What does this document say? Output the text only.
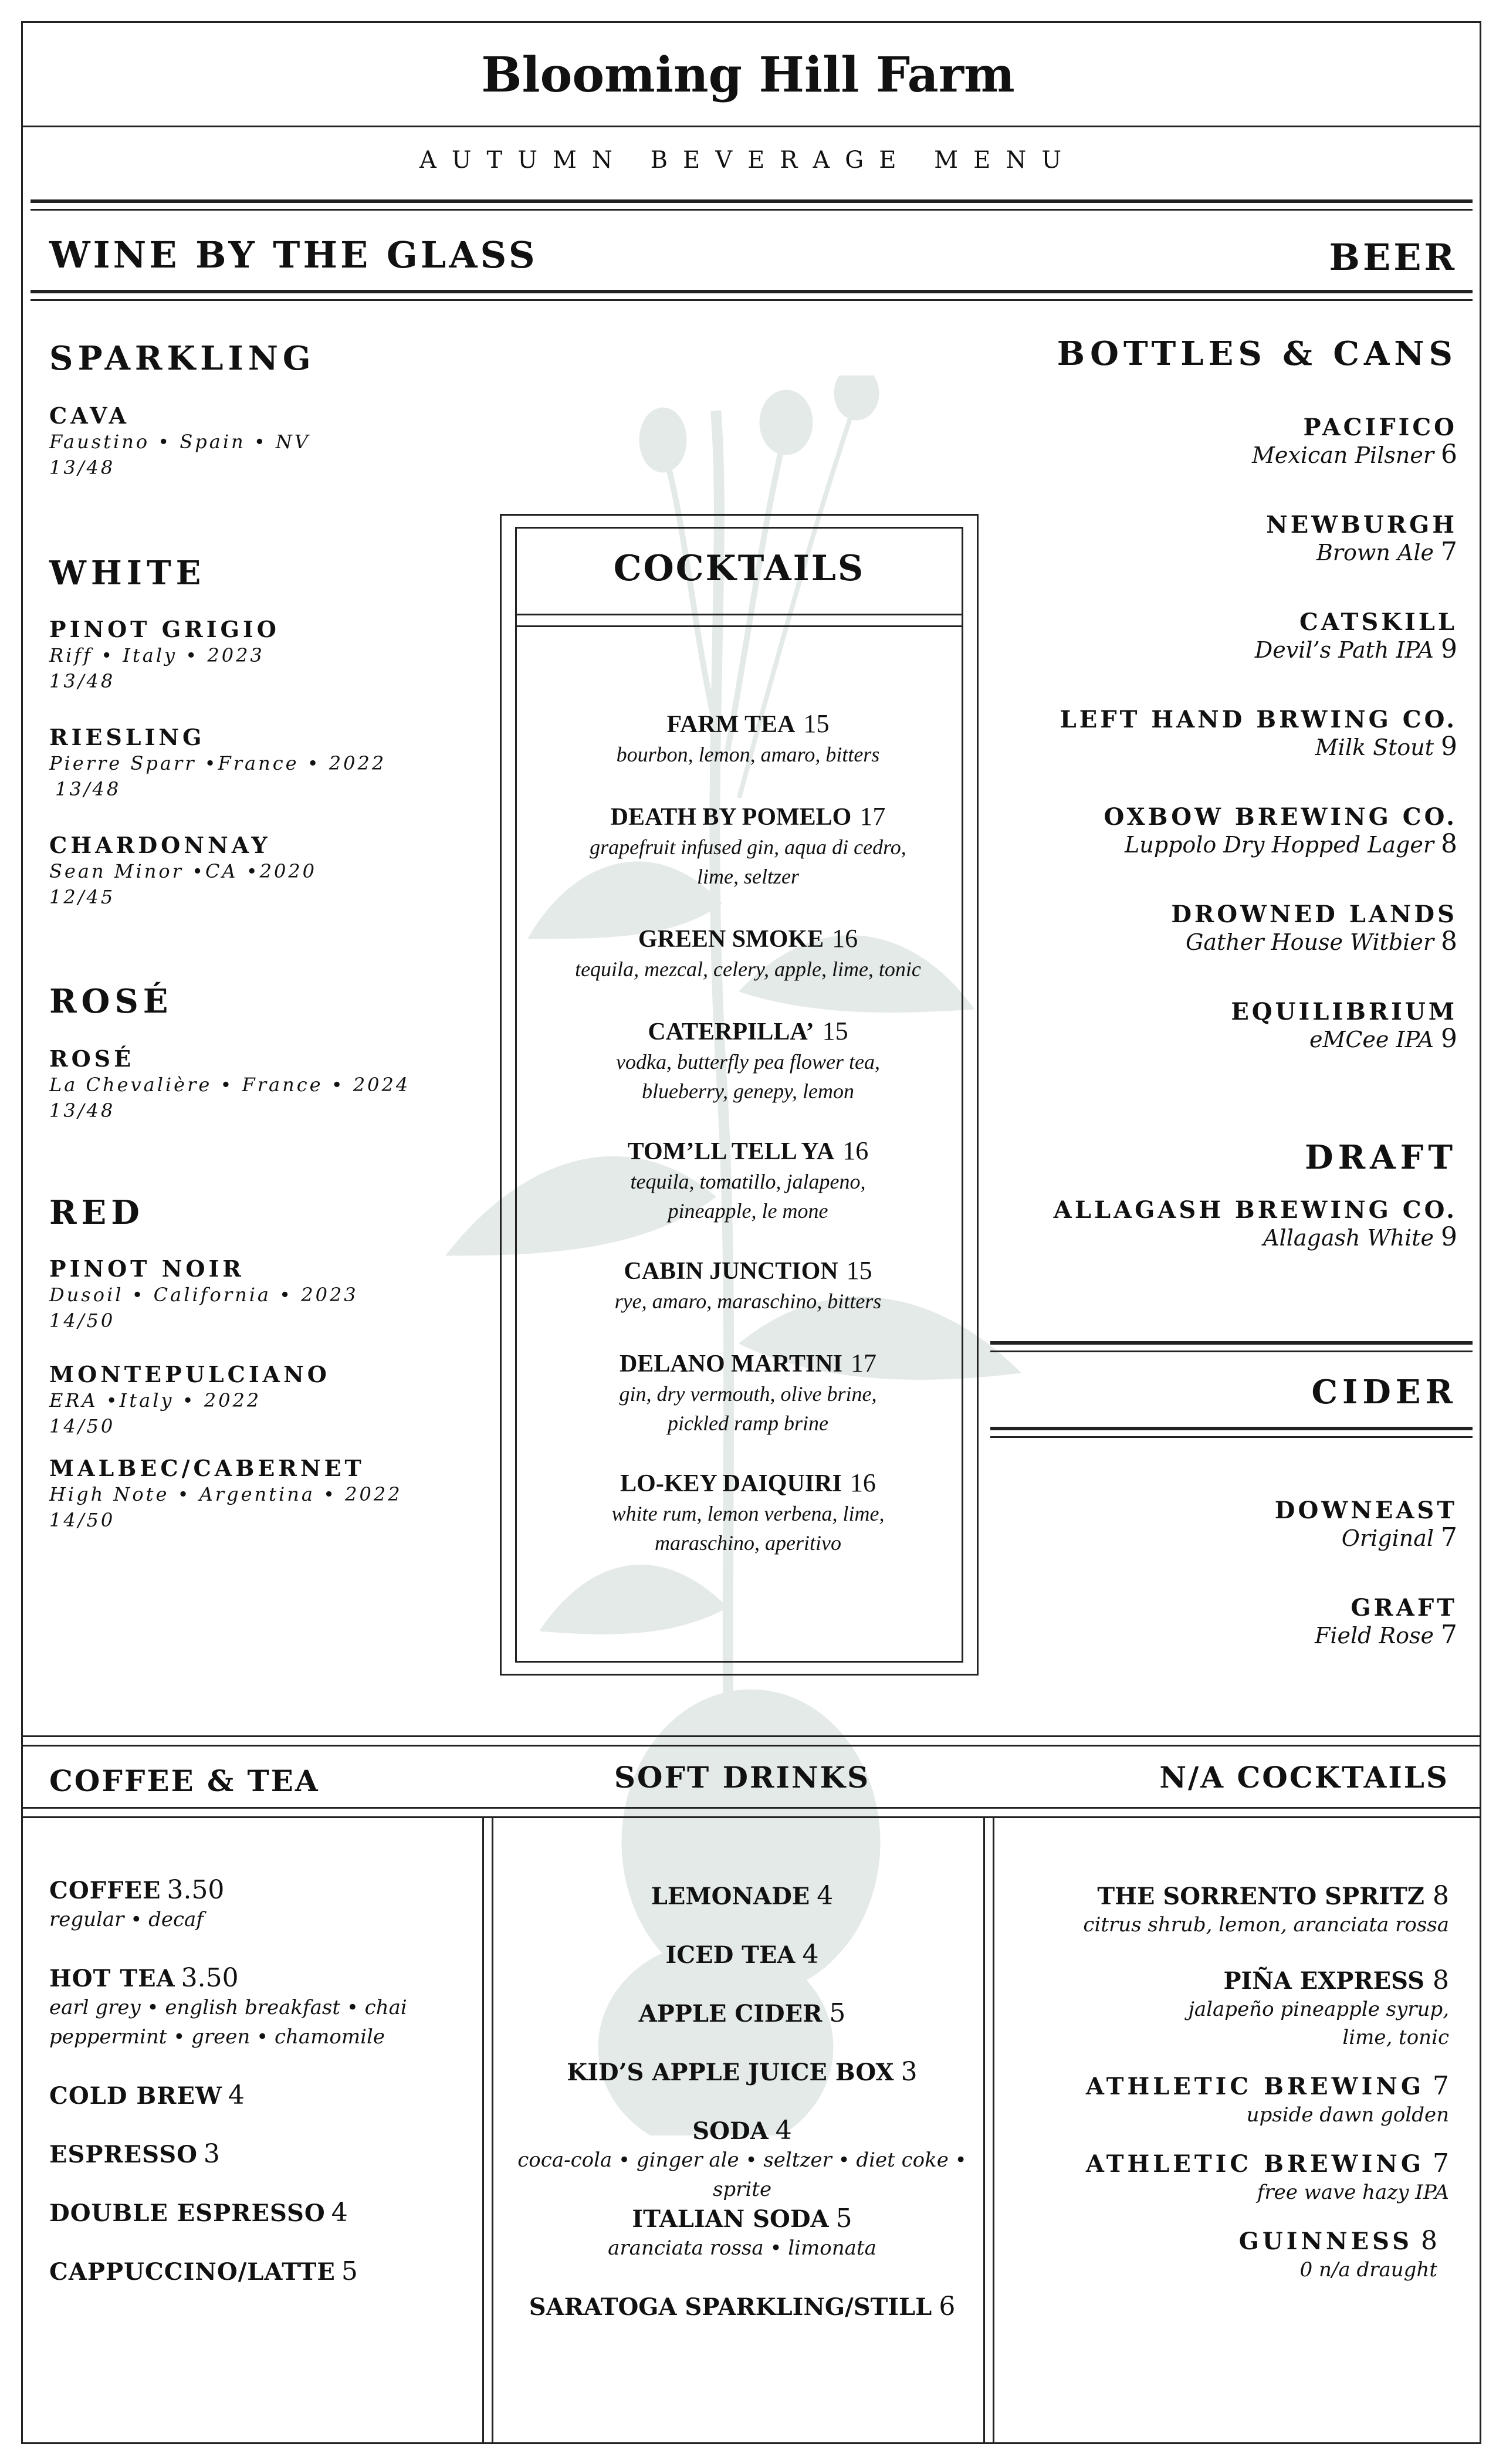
Blooming Hill Farm
AUTUMN BEVERAGE MENU
WINE BY THE GLASS	BEER
SPARKLING
CAVA
Faustino • Spain • NV
13/48
WHITE
PINOT GRIGIO
Riff • Italy • 2023
13/48
RIESLING
Pierre Sparr •France • 2022
13/48
CHARDONNAY
Sean Minor •CA •2020
12/45
ROSÉ
ROSÉ
La Chevalière • France • 2024
13/48
RED
PINOT NOIR
Dusoil • California • 2023
14/50
MONTEPULCIANO
ERA •Italy • 2022
14/50
MALBEC/CABERNET
High Note • Argentina • 2022
14/50
COCKTAILS
FARM TEA 15
bourbon, lemon, amaro, bitters
DEATH BY POMELO 17
grapefruit infused gin, aqua di cedro,
lime, seltzer
GREEN SMOKE 16
tequila, mezcal, celery, apple, lime, tonic
CATERPILLA’ 15
vodka, butterfly pea flower tea,
blueberry, genepy, lemon
TOM’LL TELL YA 16
tequila, tomatillo, jalapeno,
pineapple, le mone
CABIN JUNCTION 15
rye, amaro, maraschino, bitters
DELANO MARTINI 17
gin, dry vermouth, olive brine,
pickled ramp brine
LO-KEY DAIQUIRI 16
white rum, lemon verbena, lime,
maraschino, aperitivo
BOTTLES & CANS
PACIFICO
Mexican Pilsner 6
NEWBURGH
Brown Ale 7
CATSKILL
Devil’s Path IPA 9
LEFT HAND BRWING CO.
Milk Stout 9
OXBOW BREWING CO.
Luppolo Dry Hopped Lager 8
DROWNED LANDS
Gather House Witbier 8
EQUILIBRIUM
eMCee IPA 9
DRAFT
ALLAGASH BREWING CO.
Allagash White 9
CIDER
DOWNEAST
Original 7
GRAFT
Field Rose 7
COFFEE & TEA	SOFT DRINKS	N/A COCKTAILS
COFFEE 3.50
regular • decaf
HOT TEA 3.50
earl grey • english breakfast • chai
peppermint • green • chamomile
COLD BREW 4
ESPRESSO 3
DOUBLE ESPRESSO 4
CAPPUCCINO/LATTE 5
LEMONADE 4
ICED TEA 4
APPLE CIDER 5
KID’S APPLE JUICE BOX 3
SODA 4
coca-cola • ginger ale • seltzer • diet coke • sprite
ITALIAN SODA 5
aranciata rossa • limonata
SARATOGA SPARKLING/STILL 6
THE SORRENTO SPRITZ 8
citrus shrub, lemon, aranciata rossa
PIÑA EXPRESS 8
jalapeño pineapple syrup,
lime, tonic
ATHLETIC BREWING 7
upside dawn golden
ATHLETIC BREWING 7
free wave hazy IPA
GUINNESS 8
0 n/a draught
